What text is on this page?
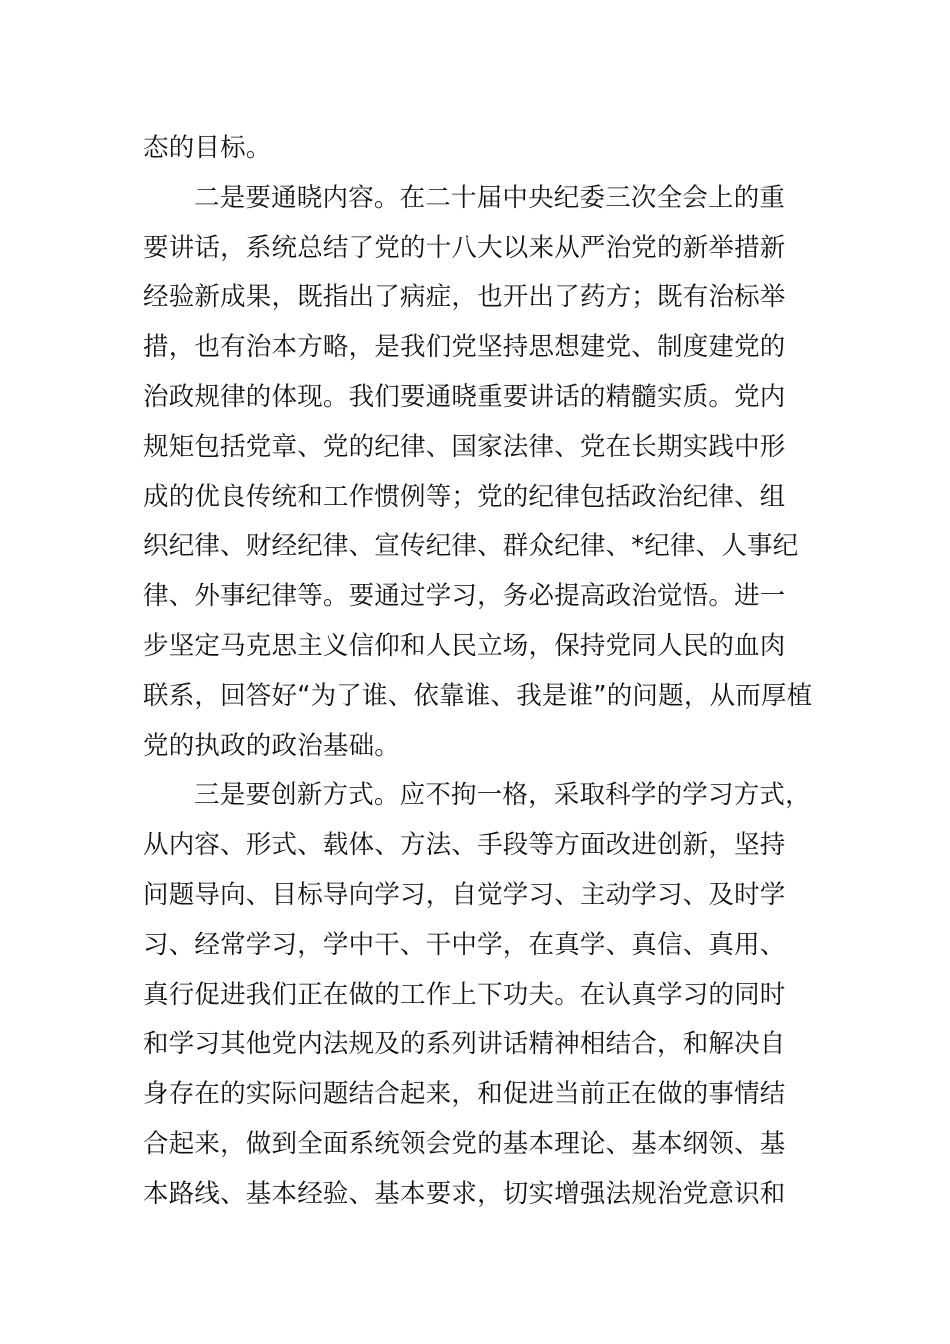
态的目标。
二是要通晓内容。在二十届中央纪委三次全会上的重
要讲话，系统总结了党的十八大以来从严治党的新举措新
经验新成果，既指出了病症，也开出了药方；既有治标举
措，也有治本方略，是我们党坚持思想建党、制度建党的
治政规律的体现。我们要通晓重要讲话的精髓实质。党内
规矩包括党章、党的纪律、国家法律、党在长期实践中形
成的优良传统和工作惯例等；党的纪律包括政治纪律、组
织纪律、财经纪律、宣传纪律、群众纪律、*纪律、人事纪
律、外事纪律等。要通过学习，务必提高政治觉悟。进一
步坚定马克思主义信仰和人民立场，保持党同人民的血肉
联系，回答好“为了谁、依靠谁、我是谁”的问题，从而厚植
党的执政的政治基础。
三是要创新方式。应不拘一格，采取科学的学习方式，
从内容、形式、载体、方法、手段等方面改进创新，坚持
问题导向、目标导向学习，自觉学习、主动学习、及时学
习、经常学习，学中干、干中学，在真学、真信、真用、
真行促进我们正在做的工作上下功夫。在认真学习的同时
和学习其他党内法规及的系列讲话精神相结合，和解决自
身存在的实际问题结合起来，和促进当前正在做的事情结
合起来，做到全面系统领会党的基本理论、基本纲领、基
本路线、基本经验、基本要求，切实增强法规治党意识和
